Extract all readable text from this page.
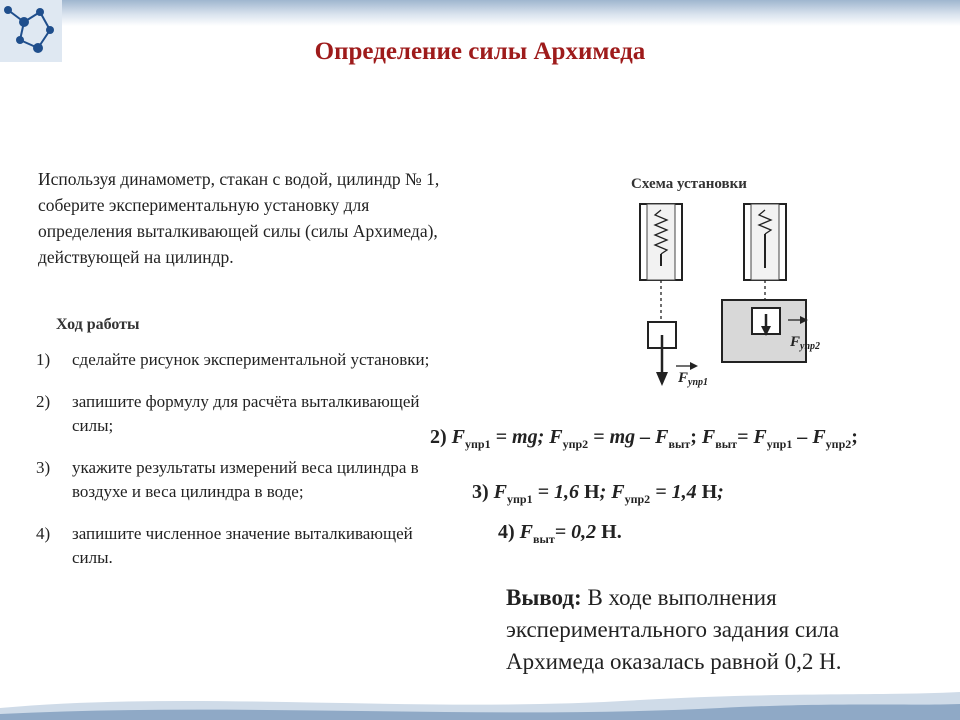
Определение силы Архимеда
Используя динамометр, стакан с водой, цилиндр № 1, соберите экспериментальную установку для определения выталкивающей силы (силы Архимеда), действующей на цилиндр.
Ход работы
1)	сделайте рисунок экспериментальной установки;
2)	запишите формулу для расчёта выталкивающей силы;
3)	укажите результаты измерений веса цилиндра в воздухе и веса цилиндра в воде;
4)	запишите численное значение выталкивающей силы.
Схема установки
$F_{упр1}$
$F_{упр2}$
2) $F_{упр1}$ = mg; $F_{упр2}$ = mg – $F_{выт}$; $F_{выт}= F_{упр1} - F_{упр2}$;
3) $F_{упр1} = 1,6$ Н; $F_{упр2} = 1,4$ Н;
4) $F_{выт}= 0,2$ Н.
Вывод: В ходе выполнения экспериментального задания сила Архимеда оказалась равной 0,2 Н.
